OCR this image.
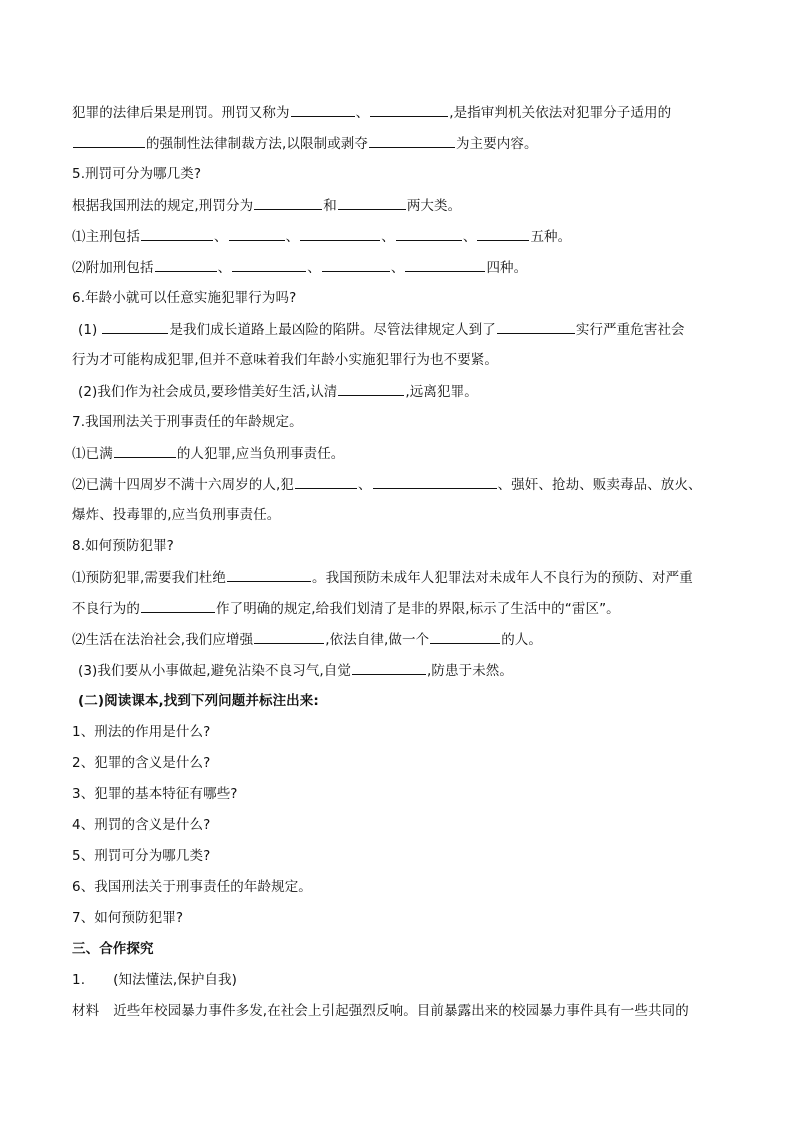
犯罪的法律后果是刑罚。刑罚又称为	、	,是指审判机关依法对犯罪分子适用的
的强制性法律制裁方法,以限制或剥夺	为主要内容。
5.刑罚可分为哪几类?
根据我国刑法的规定,刑罚分为	和	两大类。
⑴主刑包括	、	、	、	、	五种。
⑵附加刑包括	、	、	、	四种。
6.年龄小就可以任意实施犯罪行为吗?
(1)	是我们成长道路上最凶险的陷阱。尽管法律规定人到了	实行严重危害社会
行为才可能构成犯罪,但并不意味着我们年龄小实施犯罪行为也不要紧。
(2)我们作为社会成员,要珍惜美好生活,认清	,远离犯罪。
7.我国刑法关于刑事责任的年龄规定。
⑴已满	的人犯罪,应当负刑事责任。
⑵已满十四周岁不满十六周岁的人,犯	、	、强奸、抢劫、贩卖毒品、放火、
爆炸、投毒罪的,应当负刑事责任。
8.如何预防犯罪?
⑴预防犯罪,需要我们杜绝	。我国预防未成年人犯罪法对未成年人不良行为的预防、对严重
不良行为的	作了明确的规定,给我们划清了是非的界限,标示了生活中的“雷区”。
⑵生活在法治社会,我们应增强	,依法自律,做一个	的人。
(3)我们要从小事做起,避免沾染不良习气,自觉	,防患于未然。
(二)阅读课本,找到下列问题并标注出来:
1、刑法的作用是什么?
2、犯罪的含义是什么?
3、犯罪的基本特征有哪些?
4、刑罚的含义是什么?
5、刑罚可分为哪几类?
6、我国刑法关于刑事责任的年龄规定。
7、如何预防犯罪?
三、合作探究
1. (知法懂法,保护自我)
材料 近些年校园暴力事件多发,在社会上引起强烈反响。目前暴露出来的校园暴力事件具有一些共同的
